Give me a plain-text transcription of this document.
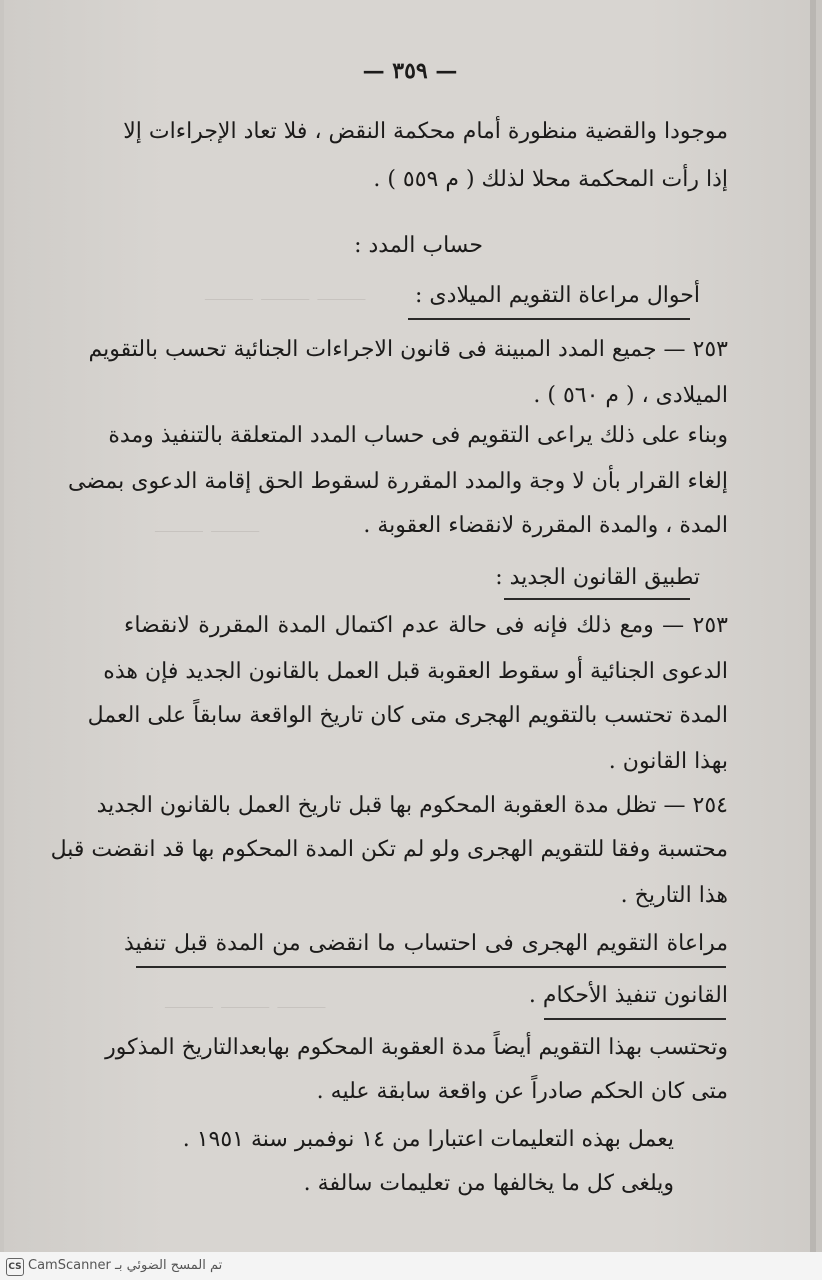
— ٣٥٩ —
⸻ ⸻ ⸻
⸻ ⸻
⸻ ⸻ ⸻
موجودا والقضية منظورة أمام محكمة النقض ، فلا تعاد الإجراءات إلا
إذا رأت المحكمة محلا لذلك ( م ٥٥٩ ) .
حساب المدد :
أحوال مراعاة التقويم الميلادى :
٢٥٣ — جميع المدد المبينة فى قانون الاجراءات الجنائية تحسب بالتقويم
الميلادى ، ( م ٥٦٠ ) .
وبناء على ذلك يراعى التقويم فى حساب المدد المتعلقة بالتنفيذ ومدة
إلغاء القرار بأن لا وجة والمدد المقررة لسقوط الحق إقامة الدعوى بمضى
المدة ، والمدة المقررة لانقضاء العقوبة .
تطبيق القانون الجديد :
٢٥٣ — ومع ذلك فإنه فى حالة عدم اكتمال المدة المقررة لانقضاء
الدعوى الجنائية أو سقوط العقوبة قبل العمل بالقانون الجديد فإن هذه
المدة تحتسب بالتقويم الهجرى متى كان تاريخ الواقعة سابقاً على العمل
بهذا القانون .
٢٥٤ — تظل مدة العقوبة المحكوم بها قبل تاريخ العمل بالقانون الجديد
محتسبة وفقا للتقويم الهجرى ولو لم تكن المدة المحكوم بها قد انقضت قبل
هذا التاريخ .
مراعاة التقويم الهجرى فى احتساب ما انقضى من المدة قبل تنفيذ
القانون تنفيذ الأحكام .
وتحتسب بهذا التقويم أيضاً مدة العقوبة المحكوم بهابعدالتاريخ المذكور
متى كان الحكم صادراً عن واقعة سابقة عليه .
يعمل بهذه التعليمات اعتبارا من ١٤ نوفمبر سنة ١٩٥١ .
ويلغى كل ما يخالفها من تعليمات سالفة .
CS تم المسح الضوئي بـ CamScanner
